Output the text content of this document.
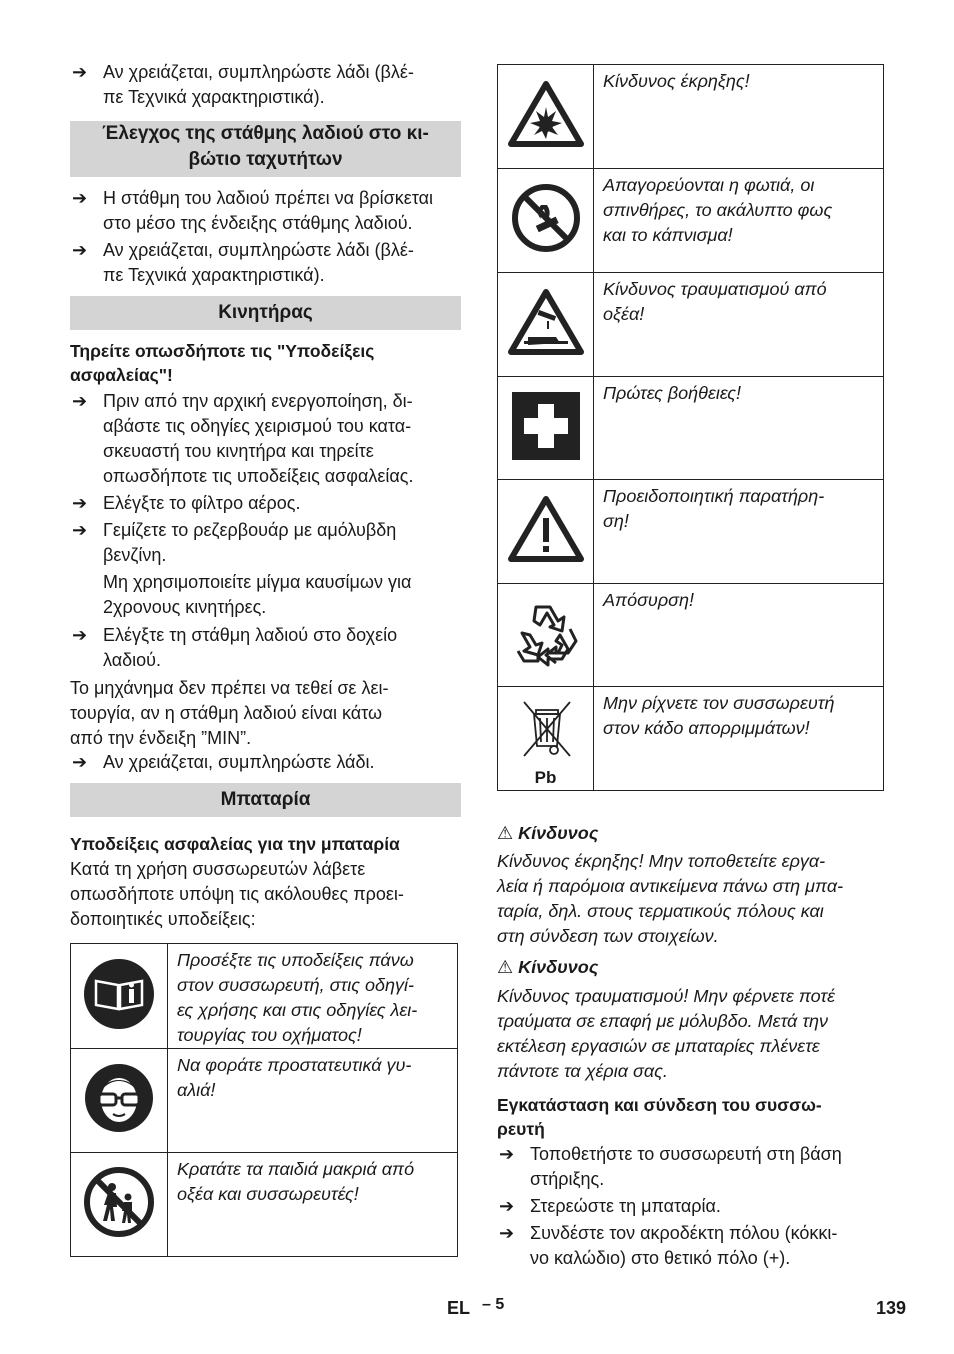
➔ Αν χρειάζεται, συμπληρώστε λάδι (βλέ-
πε Τεχνικά χαρακτηριστικά).
Έλεγχος της στάθμης λαδιού στο κι-
βώτιο ταχυτήτων
➔ Η στάθμη του λαδιού πρέπει να βρίσκεται
στο μέσο της ένδειξης στάθμης λαδιού.
➔ Αν χρειάζεται, συμπληρώστε λάδι (βλέ-
πε Τεχνικά χαρακτηριστικά).
Κινητήρας
Τηρείτε οπωσδήποτε τις "Υποδείξεις
ασφαλείας"!
➔ Πριν από την αρχική ενεργοποίηση, δι-
αβάστε τις οδηγίες χειρισμού του κατα-
σκευαστή του κινητήρα και τηρείτε
οπωσδήποτε τις υποδείξεις ασφαλείας.
➔ Ελέγξτε το φίλτρο αέρος.
➔ Γεμίζετε το ρεζερβουάρ με αμόλυβδη
βενζίνη.
Μη χρησιμοποιείτε μίγμα καυσίμων για
2χρονους κινητήρες.
➔ Ελέγξτε τη στάθμη λαδιού στο δοχείο
λαδιού.

Το μηχάνημα δεν πρέπει να τεθεί σε λει-
τουργία, αν η στάθμη λαδιού είναι κάτω
από την ένδειξη ”MIN”.

➔ Αν χρειάζεται, συμπληρώστε λάδι.
Μπαταρία
Υποδείξεις ασφαλείας για την μπαταρία

Κατά τη χρήση συσσωρευτών λάβετε
οπωσδήποτε υπόψη τις ακόλουθες προει-
δοποιητικές υποδείξεις:

	Προσέξτε τις υποδείξεις πάνω
στον συσσωρευτή, στις οδηγί-
ες χρήσης και στις οδηγίες λει-
τουργίας του οχήματος!
	Να φοράτε προστατευτικά γυ-
αλιά!
	Κρατάτε τα παιδιά μακριά από
οξέα και συσσωρευτές!
	Κίνδυνος έκρηξης!
	Απαγορεύονται η φωτιά, οι
σπινθήρες, το ακάλυπτο φως
και το κάπνισμα!
	Κίνδυνος τραυματισμού από
οξέα!
	Πρώτες βοήθειες!
	Προειδοποιητική παρατήρη-
ση!
	Απόσυρση!

Pb	Μην ρίχνετε τον συσσωρευτή
στον κάδο απορριμμάτων!
⚠ Κίνδυνος

Κίνδυνος έκρηξης! Μην τοποθετείτε εργα-
λεία ή παρόμοια αντικείμενα πάνω στη μπα-
ταρία, δηλ. στους τερματικούς πόλους και
στη σύνδεση των στοιχείων.

⚠ Κίνδυνος

Κίνδυνος τραυματισμού! Μην φέρνετε ποτέ
τραύματα σε επαφή με μόλυβδο. Μετά την
εκτέλεση εργασιών σε μπαταρίες πλένετε
πάντοτε τα χέρια σας.

Εγκατάσταση και σύνδεση του συσσω-
ρευτή
➔ Τοποθετήστε το συσσωρευτή στη βάση
στήριξης.
➔ Στερεώστε τη μπαταρία.
➔ Συνδέστε τον ακροδέκτη πόλου (κόκκι-
νο καλώδιο) στο θετικό πόλο (+).
EL – 5	139
